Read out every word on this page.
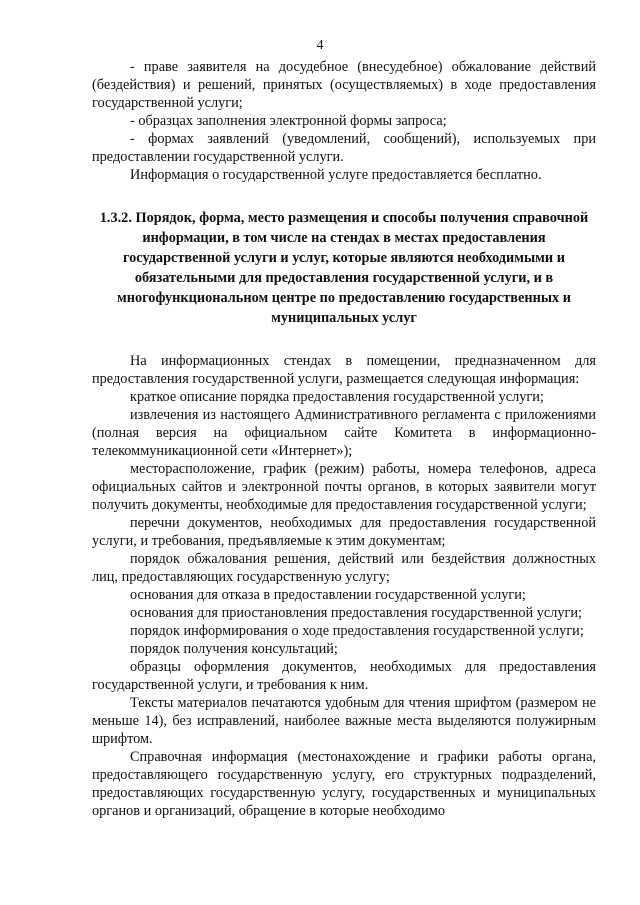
4

- праве заявителя на досудебное (внесудебное) обжалование действий (бездействия) и решений, принятых (осуществляемых) в ходе предоставления государственной услуги;

- образцах заполнения электронной формы запроса;

- формах заявлений (уведомлений, сообщений), используемых при предоставлении государственной услуги.

Информация о государственной услуге предоставляется бесплатно.

1.3.2. Порядок, форма, место размещения и способы получения справочной информации, в том числе на стендах в местах предоставления государственной услуги и услуг, которые являются необходимыми и обязательными для предоставления государственной услуги, и в многофункциональном центре по предоставлению государственных и муниципальных услуг

На информационных стендах в помещении, предназначенном для предоставления государственной услуги, размещается следующая информация:

краткое описание порядка предоставления государственной услуги;

извлечения из настоящего Административного регламента с приложениями (полная версия на официальном сайте Комитета в информационно-телекоммуникационной сети «Интернет»);

месторасположение, график (режим) работы, номера телефонов, адреса официальных сайтов и электронной почты органов, в которых заявители могут получить документы, необходимые для предоставления государственной услуги;

перечни документов, необходимых для предоставления государственной услуги, и требования, предъявляемые к этим документам;

порядок обжалования решения, действий или бездействия должностных лиц, предоставляющих государственную услугу;

основания для отказа в предоставлении государственной услуги;

основания для приостановления предоставления государственной услуги;

порядок информирования о ходе предоставления государственной услуги;

порядок получения консультаций;

образцы оформления документов, необходимых для предоставления государственной услуги, и требования к ним.

Тексты материалов печатаются удобным для чтения шрифтом (размером не меньше 14), без исправлений, наиболее важные места выделяются полужирным шрифтом.

Справочная информация (местонахождение и графики работы органа, предоставляющего государственную услугу, его структурных подразделений, предоставляющих государственную услугу, государственных и муниципальных органов и организаций, обращение в которые необходимо
